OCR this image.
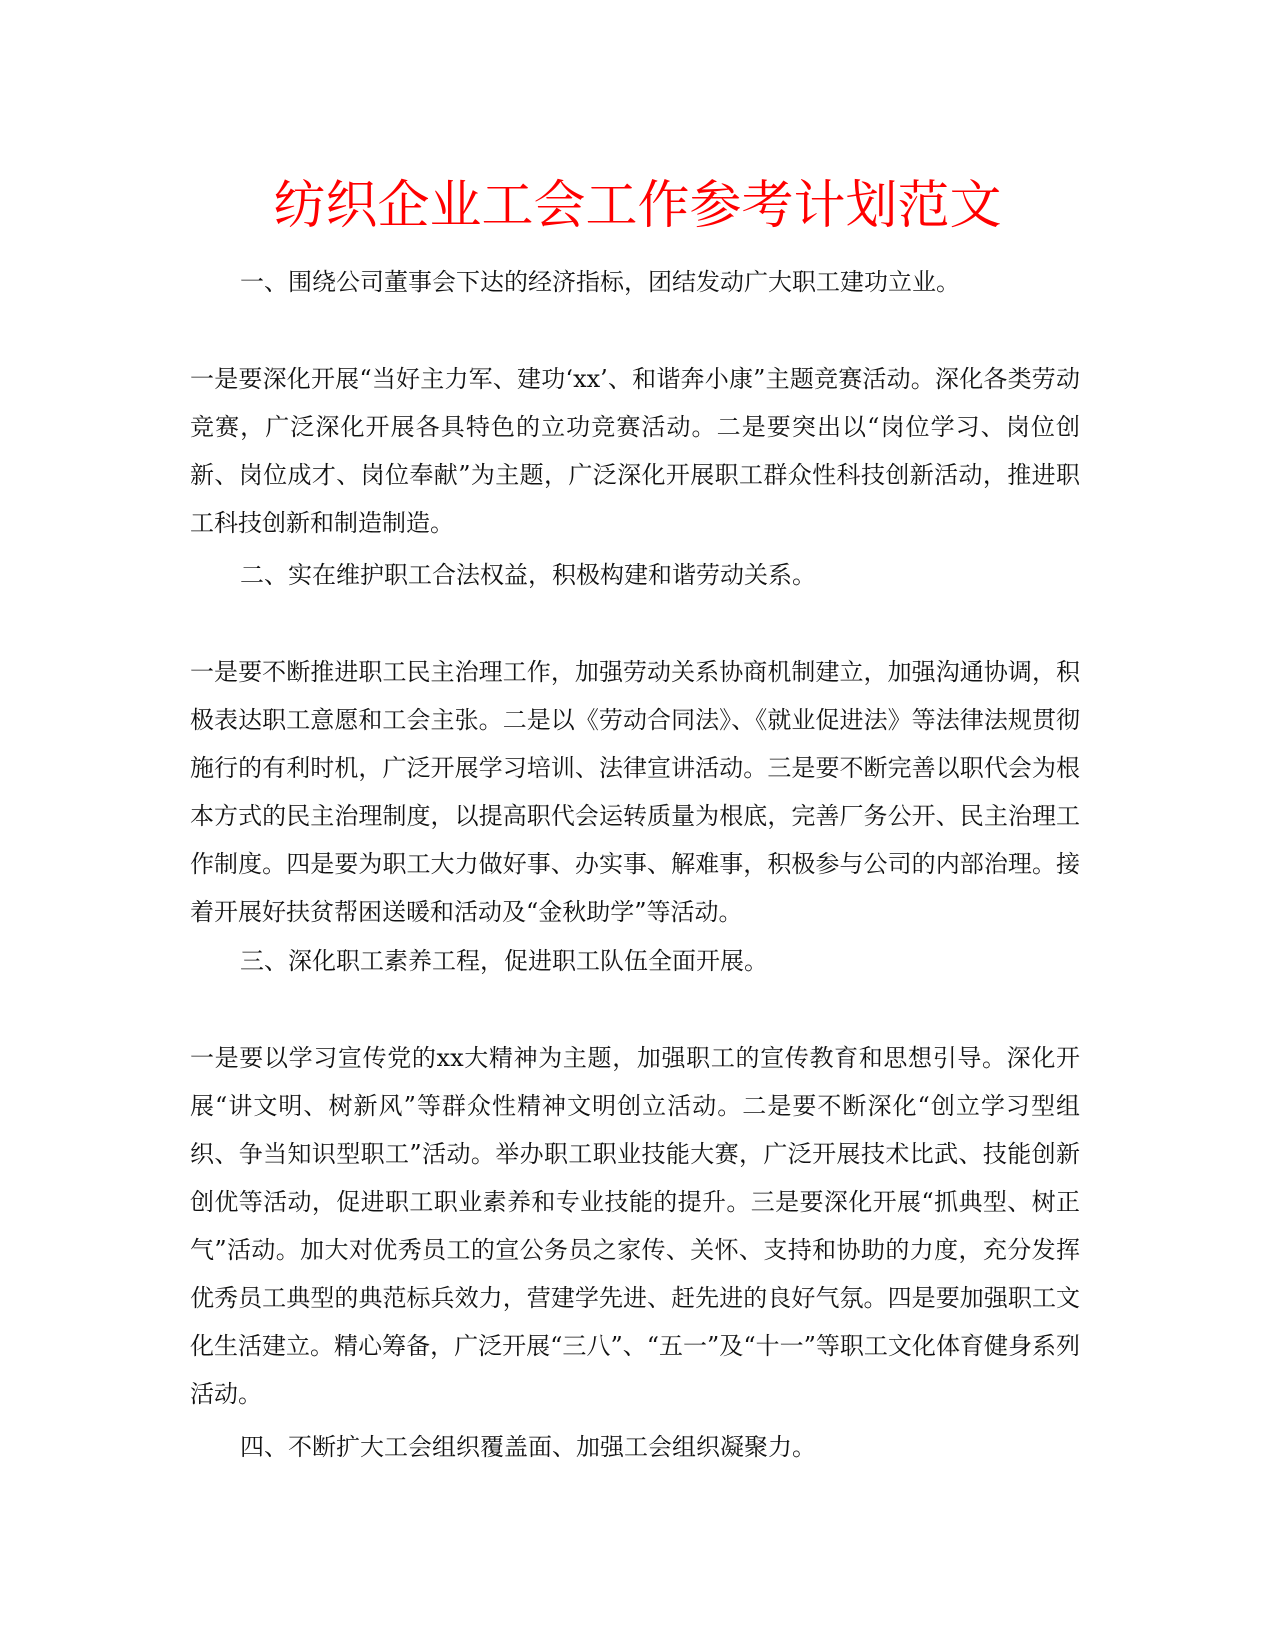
纺织企业工会工作参考计划范文

一、围绕公司董事会下达的经济指标，团结发动广大职工建功立业。

一是要深化开展“当好主力军、建功‘xx’、和谐奔小康”主题竞赛活动。深化各类劳动竞赛，广泛深化开展各具特色的立功竞赛活动。二是要突出以“岗位学习、岗位创新、岗位成才、岗位奉献”为主题，广泛深化开展职工群众性科技创新活动，推进职工科技创新和制造制造。

二、实在维护职工合法权益，积极构建和谐劳动关系。

一是要不断推进职工民主治理工作，加强劳动关系协商机制建立，加强沟通协调，积极表达职工意愿和工会主张。二是以《劳动合同法》、《就业促进法》等法律法规贯彻施行的有利时机，广泛开展学习培训、法律宣讲活动。三是要不断完善以职代会为根本方式的民主治理制度，以提高职代会运转质量为根底，完善厂务公开、民主治理工作制度。四是要为职工大力做好事、办实事、解难事，积极参与公司的内部治理。接着开展好扶贫帮困送暖和活动及“金秋助学”等活动。

三、深化职工素养工程，促进职工队伍全面开展。

一是要以学习宣传党的xx大精神为主题，加强职工的宣传教育和思想引导。深化开展“讲文明、树新风”等群众性精神文明创立活动。二是要不断深化“创立学习型组织、争当知识型职工”活动。举办职工职业技能大赛，广泛开展技术比武、技能创新创优等活动，促进职工职业素养和专业技能的提升。三是要深化开展“抓典型、树正气”活动。加大对优秀员工的宣公务员之家传、关怀、支持和协助的力度，充分发挥优秀员工典型的典范标兵效力，营建学先进、赶先进的良好气氛。四是要加强职工文化生活建立。精心筹备，广泛开展“三八”、“五一”及“十一”等职工文化体育健身系列活动。

四、不断扩大工会组织覆盖面、加强工会组织凝聚力。
